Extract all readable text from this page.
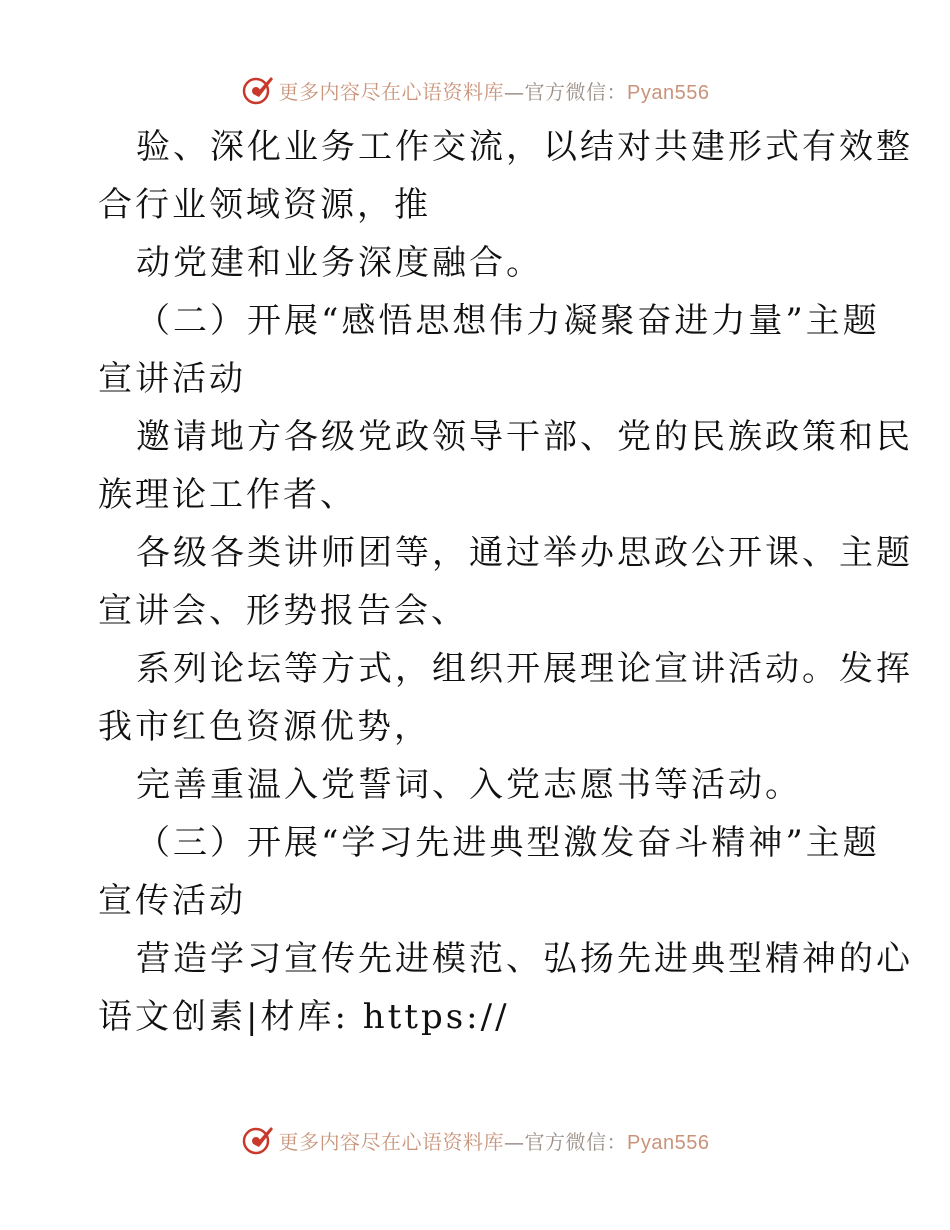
更多内容尽在心语资料库—官方微信：Pyan556
验、深化业务工作交流，以结对共建形式有效整
合行业领域资源，推
动党建和业务深度融合。
（二）开展“感悟思想伟力凝聚奋进力量”主题
宣讲活动
邀请地方各级党政领导干部、党的民族政策和民
族理论工作者、
各级各类讲师团等，通过举办思政公开课、主题
宣讲会、形势报告会、
系列论坛等方式，组织开展理论宣讲活动。发挥
我市红色资源优势，
完善重温入党誓词、入党志愿书等活动。
（三）开展“学习先进典型激发奋斗精神”主题
宣传活动
营造学习宣传先进模范、弘扬先进典型精神的心
语文创素|材库: https://
更多内容尽在心语资料库—官方微信：Pyan556
